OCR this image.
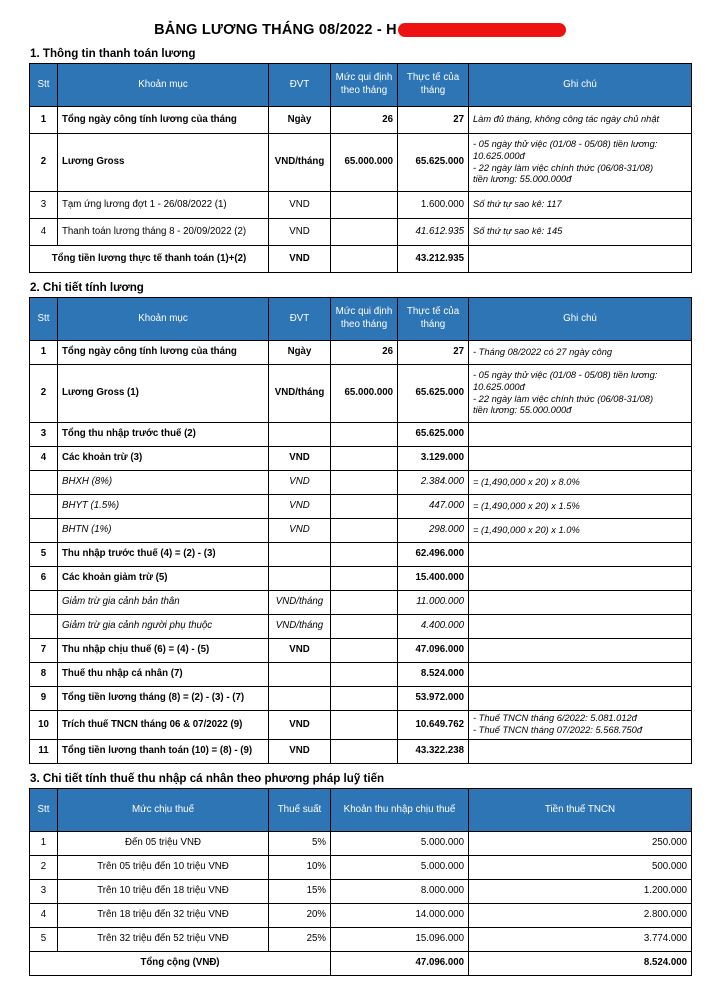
BẢNG LƯƠNG THÁNG 08/2022 - H
1. Thông tin thanh toán lương
Stt	Khoản mục	ĐVT	Mức qui định
theo tháng	Thực tế của
tháng	Ghi chú
1	Tổng ngày công tính lương của tháng	Ngày	26	27	Làm đủ tháng, không công tác ngày chủ nhật

2	Lương Gross	VND/tháng	65.000.000	65.625.000	- 05 ngày thử việc (01/08 - 05/08) tiền lương:
10.625.000đ
- 22 ngày làm việc chính thức (06/08-31/08)
tiền lương: 55.000.000đ

3	Tạm ứng lương đợt 1 - 26/08/2022 (1)	VND		1.600.000	Số thứ tự sao kê: 117

4	Thanh toán lương tháng 8 - 20/09/2022 (2)	VND		41.612.935	Số thứ tự sao kê: 145

Tổng tiền lương thực tế thanh toán (1)+(2)		VND		43.212.935	
2. Chi tiết tính lương
Stt	Khoản mục	ĐVT	Mức qui định
theo tháng	Thực tế của
tháng	Ghi chú
1	Tổng ngày công tính lương của tháng	Ngày	26	27	- Tháng 08/2022 có 27 ngày công

2	Lương Gross (1)	VND/tháng	65.000.000	65.625.000	- 05 ngày thử việc (01/08 - 05/08) tiền lương:
10.625.000đ
- 22 ngày làm việc chính thức (06/08-31/08)
tiền lương: 55.000.000đ

3	Tổng thu nhập trước thuế (2)			65.625.000	
4	Các khoản trừ (3)	VND		3.129.000	
	BHXH (8%)	VND		2.384.000	= (1,490,000 x 20) x 8.0%

	BHYT (1.5%)	VND		447.000	= (1,490,000 x 20) x 1.5%

	BHTN (1%)	VND		298.000	= (1,490,000 x 20) x 1.0%

5	Thu nhập trước thuế (4) = (2) - (3)			62.496.000	
6	Các khoản giảm trừ (5)			15.400.000	
	Giảm trừ gia cảnh bản thân	VND/tháng		11.000.000	
	Giảm trừ gia cảnh người phụ thuộc	VND/tháng		4.400.000	
7	Thu nhập chịu thuế (6) = (4) - (5)	VND		47.096.000	
8	Thuế thu nhập cá nhân (7)			8.524.000	
9	Tổng tiền lương tháng (8) = (2) - (3) - (7)			53.972.000	
10	Trích thuế TNCN tháng 06 & 07/2022 (9)	VND		10.649.762	- Thuế TNCN tháng 6/2022: 5.081.012đ
- Thuế TNCN tháng 07/2022: 5.568.750đ

11	Tổng tiền lương thanh toán (10) = (8) - (9)	VND		43.322.238	
3. Chi tiết tính thuế thu nhập cá nhân theo phương pháp luỹ tiến
Stt	Mức chịu thuế	Thuế suất	Khoản thu nhập chịu thuế	Tiền thuế TNCN
1	Đến 05 triệu VNĐ	5%	5.000.000	250.000
2	Trên 05 triệu đến 10 triệu VNĐ	10%	5.000.000	500.000
3	Trên 10 triệu đến 18 triệu VNĐ	15%	8.000.000	1.200.000
4	Trên 18 triệu đến 32 triệu VNĐ	20%	14.000.000	2.800.000
5	Trên 32 triệu đến 52 triệu VNĐ	25%	15.096.000	3.774.000
Tổng cộng (VNĐ)			47.096.000	8.524.000
